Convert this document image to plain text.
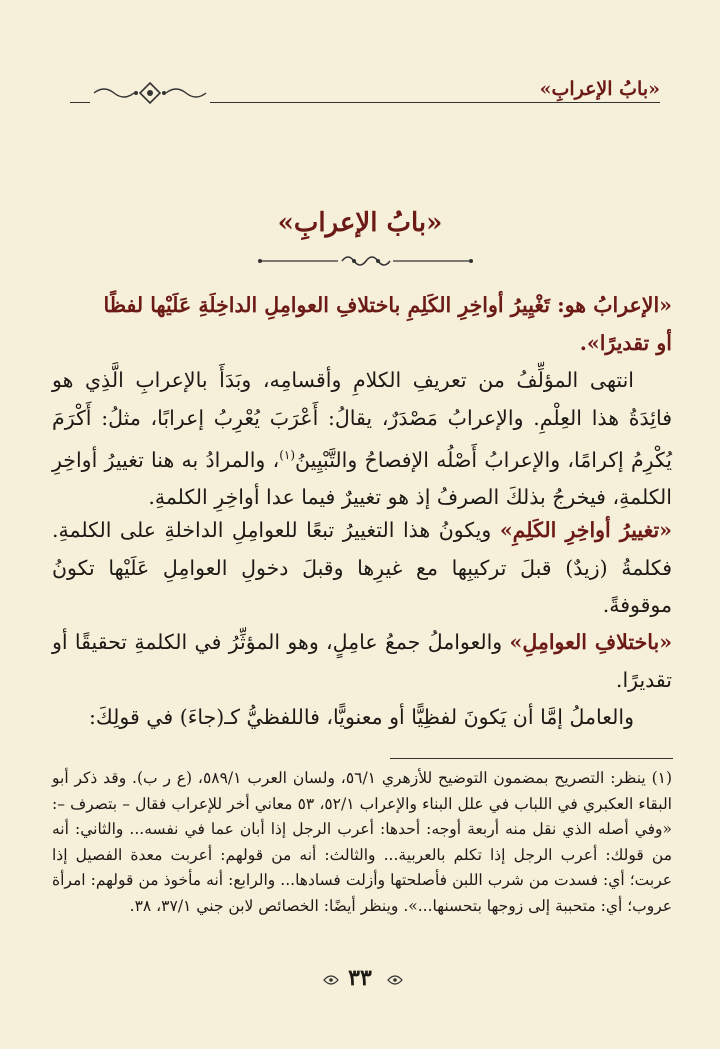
«بابُ الإعرابِ»
«بابُ الإعرابِ»

«الإعرابُ هو: تَغْيِيرُ أواخِرِ الكَلِمِ باختلافِ العوامِلِ الداخِلَةِ عَلَيْها لفظًا

أو تقديرًا».

انتهى المؤلِّفُ من تعريفِ الكلامِ وأقسامِه، وبَدَأَ بالإعرابِ الَّذِي هو فائِدَةُ هذا العِلْمِ. والإعرابُ مَصْدَرٌ، يقالُ: أَعْرَبَ يُعْرِبُ إعرابًا، مثلُ: أَكْرَمَ يُكْرِمُ إكرامًا، والإعرابُ أَصْلُه الإفصاحُ والتَّبْيِينُ$^{(١)}$، والمرادُ به هنا تغييرُ أواخِرِ الكلمةِ، فيخرجُ بذلكَ الصرفُ إذ هو تغييرٌ فيما عدا أواخِرِ الكلمةِ.

«تغييرُ أواخِرِ الكَلِمِ» ويكونُ هذا التغييرُ تبعًا للعوامِلِ الداخلةِ على الكلمةِ. فكلمةُ (زيدٌ) قبلَ تركيبِها مع غيرِها وقبلَ دخولِ العوامِلِ عَلَيْها تكونُ موقوفةً.

«باختلافِ العوامِلِ» والعواملُ جمعُ عامِلٍ، وهو المؤثِّرُ في الكلمةِ تحقيقًا أو تقديرًا.

والعاملُ إمَّا أن يَكونَ لفظِيًّا أو معنويًّا، فاللفظيُّ كـ(جاءَ) في قولِكَ:

(١) ينظر: التصريح بمضمون التوضيح للأزهري ٥٦/١، ولسان العرب ٥٨٩/١، (ع ر ب). وقد ذكر أبو البقاء العكبري في اللباب في علل البناء والإعراب ٥٢/١، ٥٣ معاني أخر للإعراب فقال – بتصرف –: «وفي أصله الذي نقل منه أربعة أوجه: أحدها: أعرب الرجل إذا أبان عما في نفسه... والثاني: أنه من قولك: أعرب الرجل إذا تكلم بالعربية... والثالث: أنه من قولهم: أعربت معدة الفصيل إذا عربت؛ أي: فسدت من شرب اللبن فأصلحتها وأزلت فسادها... والرابع: أنه مأخوذ من قولهم: امرأة عروب؛ أي: متحببة إلى زوجها بتحسنها...». وينظر أيضًا: الخصائص لابن جني ٣٧/١، ٣٨.
٣٣
